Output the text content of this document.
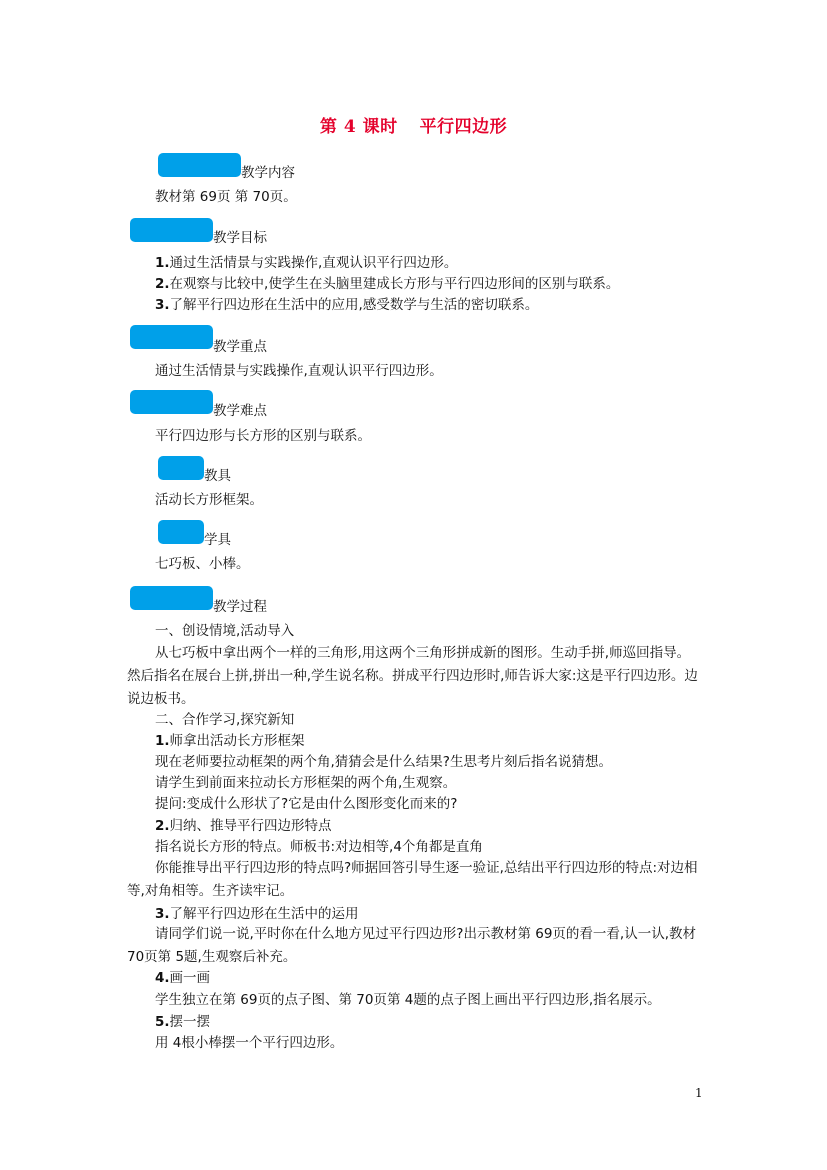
第 4 课时 平行四边形
教学内容
教材第 69页 第 70页。
教学目标
1.通过生活情景与实践操作,直观认识平行四边形。
2.在观察与比较中,使学生在头脑里建成长方形与平行四边形间的区别与联系。
3.了解平行四边形在生活中的应用,感受数学与生活的密切联系。
教学重点
通过生活情景与实践操作,直观认识平行四边形。
教学难点
平行四边形与长方形的区别与联系。
教具
活动长方形框架。
学具
七巧板、小棒。
教学过程
一、创设情境,活动导入
从七巧板中拿出两个一样的三角形,用这两个三角形拼成新的图形。生动手拼,师巡回指导。然后指名在展台上拼,拼出一种,学生说名称。拼成平行四边形时,师告诉大家:这是平行四边形。边说边板书。
二、合作学习,探究新知
1.师拿出活动长方形框架
现在老师要拉动框架的两个角,猜猜会是什么结果?生思考片刻后指名说猜想。
请学生到前面来拉动长方形框架的两个角,生观察。
提问:变成什么形状了?它是由什么图形变化而来的?
2.归纳、推导平行四边形特点
指名说长方形的特点。师板书:对边相等,4个角都是直角
你能推导出平行四边形的特点吗?师据回答引导生逐一验证,总结出平行四边形的特点:对边相等,对角相等。生齐读牢记。
3.了解平行四边形在生活中的运用
请同学们说一说,平时你在什么地方见过平行四边形?出示教材第 69页的看一看,认一认,教材 70页第 5题,生观察后补充。
4.画一画
学生独立在第 69页的点子图、第 70页第 4题的点子图上画出平行四边形,指名展示。
5.摆一摆
用 4根小棒摆一个平行四边形。
1
